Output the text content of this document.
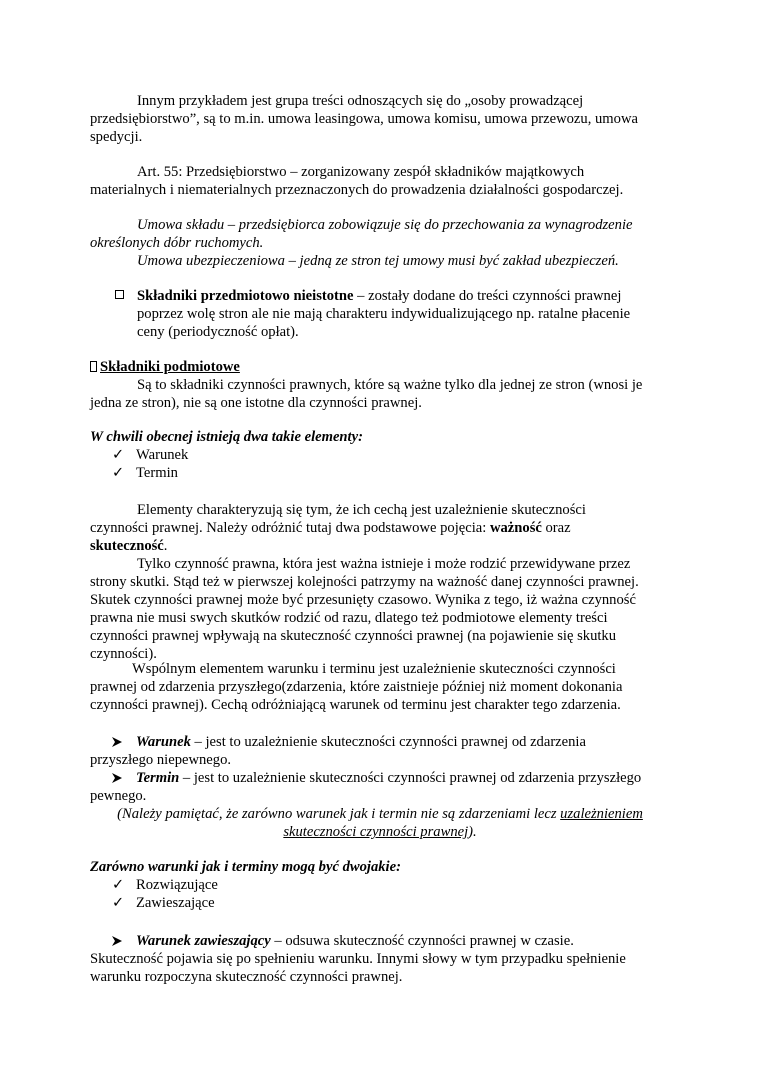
Innym przykładem jest grupa treści odnoszących się do „osoby prowadzącej
przedsiębiorstwo”, są to m.in. umowa leasingowa, umowa komisu, umowa przewozu, umowa
spedycji.
Art. 55: Przedsiębiorstwo – zorganizowany zespół składników majątkowych
materialnych i niematerialnych przeznaczonych do prowadzenia działalności gospodarczej.
Umowa składu – przedsiębiorca zobowiązuje się do przechowania za wynagrodzenie
określonych dóbr ruchomych.
Umowa ubezpieczeniowa – jedną ze stron tej umowy musi być zakład ubezpieczeń.
Składniki przedmiotowo nieistotne – zostały dodane do treści czynności prawnej
poprzez wolę stron ale nie mają charakteru indywidualizującego np. ratalne płacenie
ceny (periodyczność opłat).
Składniki podmiotowe
Są to składniki czynności prawnych, które są ważne tylko dla jednej ze stron (wnosi je
jedna ze stron), nie są one istotne dla czynności prawnej.
W chwili obecnej istnieją dwa takie elementy:
✓ Warunek
✓ Termin
Elementy charakteryzują się tym, że ich cechą jest uzależnienie skuteczności
czynności prawnej. Należy odróżnić tutaj dwa podstawowe pojęcia: ważność oraz
skuteczność.
Tylko czynność prawna, która jest ważna istnieje i może rodzić przewidywane przez
strony skutki. Stąd też w pierwszej kolejności patrzymy na ważność danej czynności prawnej.
Skutek czynności prawnej może być przesunięty czasowo. Wynika z tego, iż ważna czynność
prawna nie musi swych skutków rodzić od razu, dlatego też podmiotowe elementy treści
czynności prawnej wpływają na skuteczność czynności prawnej (na pojawienie się skutku
czynności).
Wspólnym elementem warunku i terminu jest uzależnienie skuteczności czynności
prawnej od zdarzenia przyszłego(zdarzenia, które zaistnieje później niż moment dokonania
czynności prawnej). Cechą odróżniającą warunek od terminu jest charakter tego zdarzenia.
Warunek – jest to uzależnienie skuteczności czynności prawnej od zdarzenia
przyszłego niepewnego.
Termin – jest to uzależnienie skuteczności czynności prawnej od zdarzenia przyszłego
pewnego.
(Należy pamiętać, że zarówno warunek jak i termin nie są zdarzeniami lecz uzależnieniem
skuteczności czynności prawnej).
Zarówno warunki jak i terminy mogą być dwojakie:
✓ Rozwiązujące
✓ Zawieszające
Warunek zawieszający – odsuwa skuteczność czynności prawnej w czasie.
Skuteczność pojawia się po spełnieniu warunku. Innymi słowy w tym przypadku spełnienie
warunku rozpoczyna skuteczność czynności prawnej.
